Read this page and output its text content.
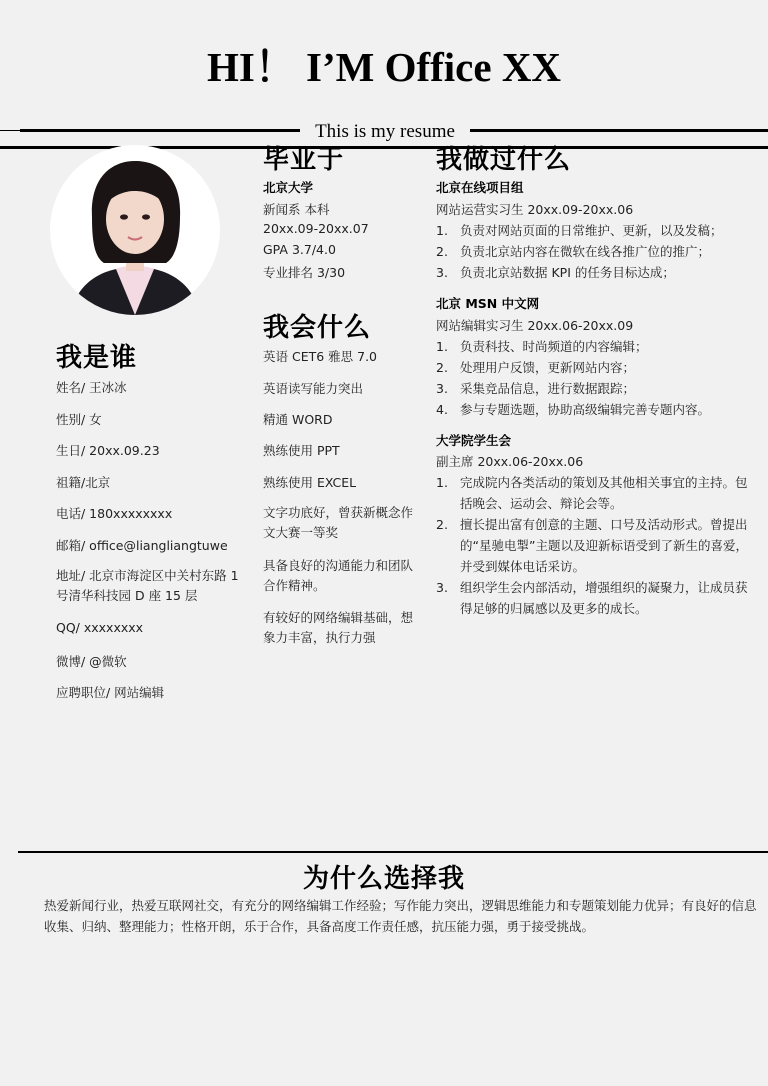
HI！ I’M Office XX
This is my resume
我是谁
姓名/ 王冰冰
性别/ 女
生日/ 20xx.09.23
祖籍/北京
电话/ 180xxxxxxxx
邮箱/ office@liangliangtuwe
地址/ 北京市海淀区中关村东路 1 号清华科技园 D 座 15 层
QQ/ xxxxxxxx
微博/ @微软
应聘职位/ 网站编辑
毕业于
北京大学
新闻系 本科
20xx.09-20xx.07
GPA 3.7/4.0
专业排名 3/30
我会什么
英语 CET6 雅思 7.0
英语读写能力突出
精通 WORD
熟练使用 PPT
熟练使用 EXCEL
文字功底好，曾获新概念作文大赛一等奖
具备良好的沟通能力和团队合作精神。
有较好的网络编辑基础，想象力丰富，执行力强
我做过什么
北京在线项目组
网站运营实习生 20xx.09-20xx.06
1. 负责对网站页面的日常维护、更新，以及发稿；
2. 负责北京站内容在微软在线各推广位的推广；
3. 负责北京站数据 KPI 的任务目标达成；
北京 MSN 中文网
网站编辑实习生 20xx.06-20xx.09
1. 负责科技、时尚频道的内容编辑；
2. 处理用户反馈，更新网站内容；
3. 采集竞品信息，进行数据跟踪；
4. 参与专题选题，协助高级编辑完善专题内容。
大学院学生会
副主席 20xx.06-20xx.06
1. 完成院内各类活动的策划及其他相关事宜的主持。包括晚会、运动会、辩论会等。
2. 擅长提出富有创意的主题、口号及活动形式。曾提出的“星驰电掣”主题以及迎新标语受到了新生的喜爱，并受到媒体电话采访。
3. 组织学生会内部活动，增强组织的凝聚力，让成员获得足够的归属感以及更多的成长。
为什么选择我
热爱新闻行业，热爱互联网社交，有充分的网络编辑工作经验；写作能力突出，逻辑思维能力和专题策划能力优异；有良好的信息收集、归纳、整理能力；性格开朗，乐于合作，具备高度工作责任感，抗压能力强，勇于接受挑战。
